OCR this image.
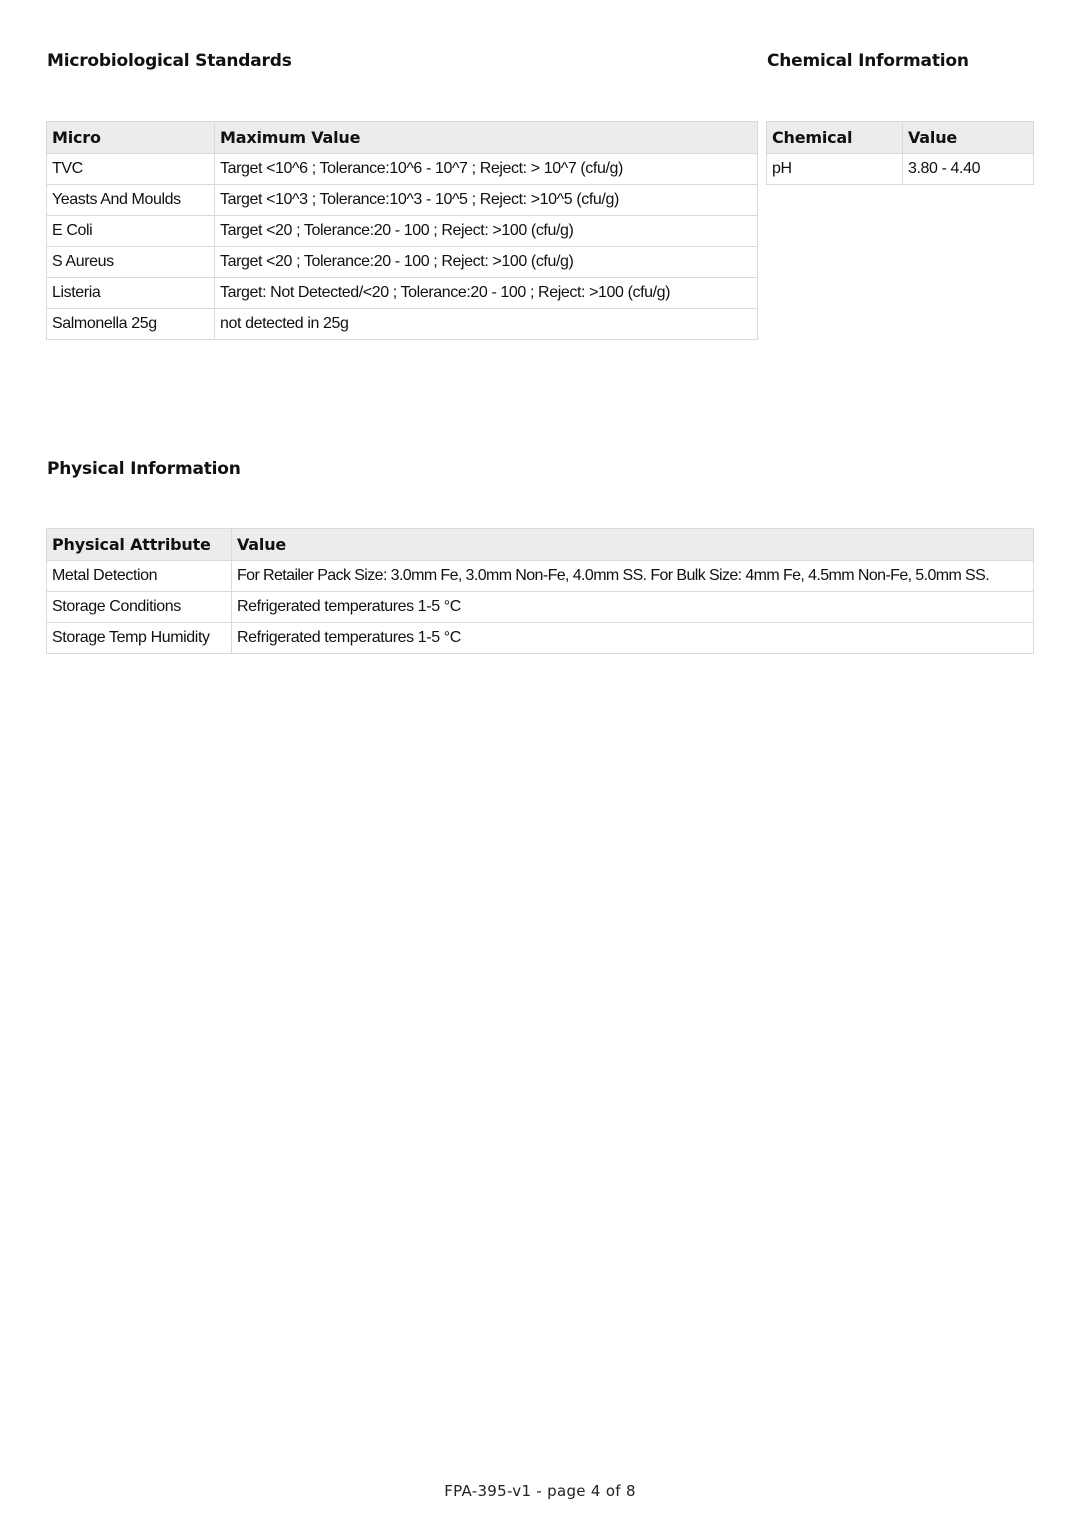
Microbiological Standards	Chemical Information
Micro	Maximum Value
TVC	Target <10^6 ; Tolerance:10^6 - 10^7 ; Reject: > 10^7 (cfu/g)
Yeasts And Moulds	Target <10^3 ; Tolerance:10^3 - 10^5 ; Reject: >10^5 (cfu/g)
E Coli	Target <20 ; Tolerance:20 - 100 ; Reject: >100 (cfu/g)
S Aureus	Target <20 ; Tolerance:20 - 100 ; Reject: >100 (cfu/g)
Listeria	Target: Not Detected/<20 ; Tolerance:20 - 100 ; Reject: >100 (cfu/g)
Salmonella 25g	not detected in 25g
Chemical	Value
pH	3.80 - 4.40
Physical Information
Physical Attribute	Value
Metal Detection	For Retailer Pack Size: 3.0mm Fe, 3.0mm Non-Fe, 4.0mm SS. For Bulk Size: 4mm Fe, 4.5mm Non-Fe, 5.0mm SS.
Storage Conditions	Refrigerated temperatures 1-5 °C
Storage Temp Humidity	Refrigerated temperatures 1-5 °C
FPA-395-v1 - page 4 of 8
